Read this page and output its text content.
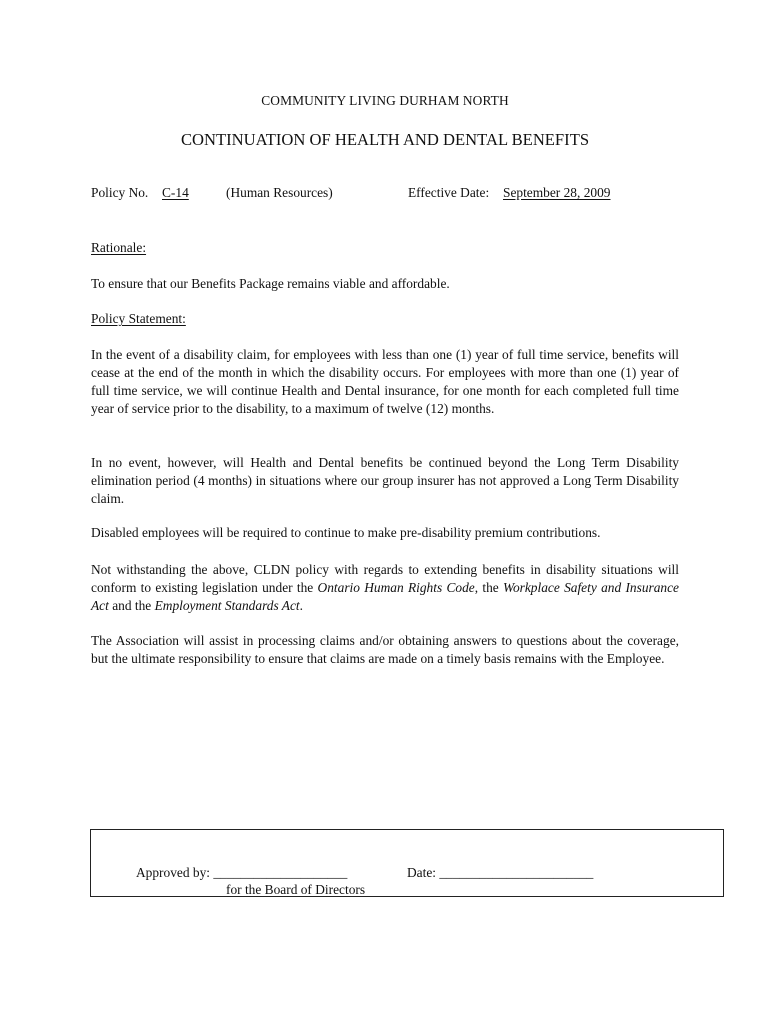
COMMUNITY LIVING DURHAM NORTH
CONTINUATION OF HEALTH AND DENTAL BENEFITS
Policy No. C-14	(Human Resources)	Effective Date: September 28, 2009
Rationale:

To ensure that our Benefits Package remains viable and affordable.

Policy Statement:

In the event of a disability claim, for employees with less than one (1) year of full time service, benefits will cease at the end of the month in which the disability occurs. For employees with more than one (1) year of full time service, we will continue Health and Dental insurance, for one month for each completed full time year of service prior to the disability, to a maximum of twelve (12) months.

In no event, however, will Health and Dental benefits be continued beyond the Long Term Disability elimination period (4 months) in situations where our group insurer has not approved a Long Term Disability claim.

Disabled employees will be required to continue to make pre-disability premium contributions.

Not withstanding the above, CLDN policy with regards to extending benefits in disability situations will conform to existing legislation under the Ontario Human Rights Code, the Workplace Safety and Insurance Act and the Employment Standards Act.

The Association will assist in processing claims and/or obtaining answers to questions about the coverage, but the ultimate responsibility to ensure that claims are made on a timely basis remains with the Employee.

Approved by: ____________________	Date: _______________________
for the Board of Directors
